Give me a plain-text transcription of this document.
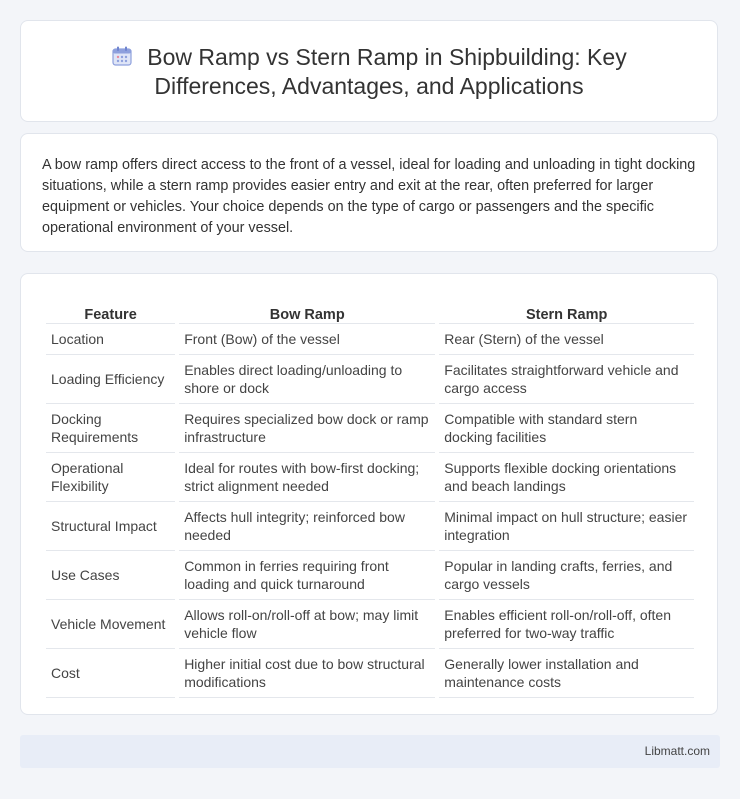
Bow Ramp vs Stern Ramp in Shipbuilding: Key
Differences, Advantages, and Applications

A bow ramp offers direct access to the front of a vessel, ideal for loading and unloading in tight docking situations, while a stern ramp provides easier entry and exit at the rear, often preferred for larger equipment or vehicles. Your choice depends on the type of cargo or passengers and the specific operational environment of your vessel.

Feature	Bow Ramp	Stern Ramp
Location	Front (Bow) of the vessel	Rear (Stern) of the vessel
Loading Efficiency	Enables direct loading/unloading to shore or dock	Facilitates straightforward vehicle and cargo access
Docking Requirements	Requires specialized bow dock or ramp infrastructure	Compatible with standard stern docking facilities
Operational Flexibility	Ideal for routes with bow-first docking; strict alignment needed	Supports flexible docking orientations and beach landings
Structural Impact	Affects hull integrity; reinforced bow needed	Minimal impact on hull structure; easier integration
Use Cases	Common in ferries requiring front loading and quick turnaround	Popular in landing crafts, ferries, and cargo vessels
Vehicle Movement	Allows roll-on/roll-off at bow; may limit vehicle flow	Enables efficient roll-on/roll-off, often preferred for two-way traffic
Cost	Higher initial cost due to bow structural modifications	Generally lower installation and maintenance costs
Libmatt.com
